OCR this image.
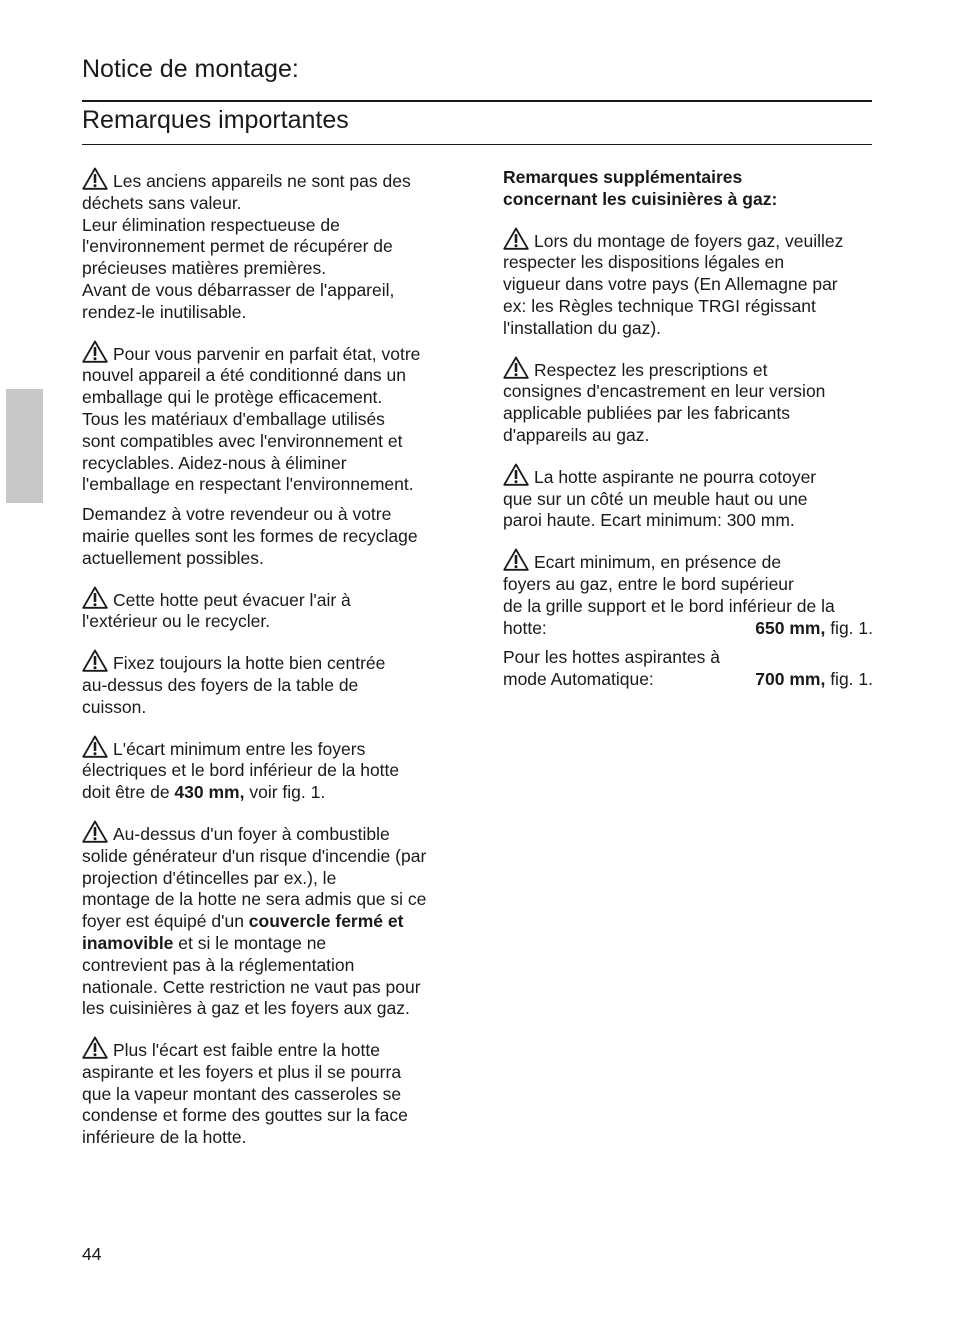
Notice de montage:
Remarques importantes
Les anciens appareils ne sont pas des
déchets sans valeur.
Leur élimination respectueuse de
l'environnement permet de récupérer de
précieuses matières premières.
Avant de vous débarrasser de l'appareil,
rendez-le inutilisable.
Pour vous parvenir en parfait état, votre
nouvel appareil a été conditionné dans un
emballage qui le protège efficacement.
Tous les matériaux d'emballage utilisés
sont compatibles avec l'environnement et
recyclables. Aidez-nous à éliminer
l'emballage en respectant l'environnement.
Demandez à votre revendeur ou à votre
mairie quelles sont les formes de recyclage
actuellement possibles.
Cette hotte peut évacuer l'air à
l'extérieur ou le recycler.
Fixez toujours la hotte bien centrée
au-dessus des foyers de la table de
cuisson.
L'écart minimum entre les foyers
électriques et le bord inférieur de la hotte
doit être de 430 mm, voir fig. 1.
Au-dessus d'un foyer à combustible
solide générateur d'un risque d'incendie (par
projection d'étincelles par ex.), le
montage de la hotte ne sera admis que si ce
foyer est équipé d'un couvercle fermé et
inamovible et si le montage ne
contrevient pas à la réglementation
nationale. Cette restriction ne vaut pas pour
les cuisinières à gaz et les foyers aux gaz.
Plus l'écart est faible entre la hotte
aspirante et les foyers et plus il se pourra
que la vapeur montant des casseroles se
condense et forme des gouttes sur la face
inférieure de la hotte.
Remarques supplémentaires
concernant les cuisinières à gaz:
Lors du montage de foyers gaz, veuillez
respecter les dispositions légales en
vigueur dans votre pays (En Allemagne par
ex: les Règles technique TRGI régissant
l'installation du gaz).
Respectez les prescriptions et
consignes d'encastrement en leur version
applicable publiées par les fabricants
d'appareils au gaz.
La hotte aspirante ne pourra cotoyer
que sur un côté un meuble haut ou une
paroi haute. Ecart minimum: 300 mm.
Ecart minimum, en présence de
foyers au gaz, entre le bord supérieur
de la grille support et le bord inférieur de la
hotte:	650 mm, fig. 1.
Pour les hottes aspirantes à
mode Automatique:	700 mm, fig. 1.
44
